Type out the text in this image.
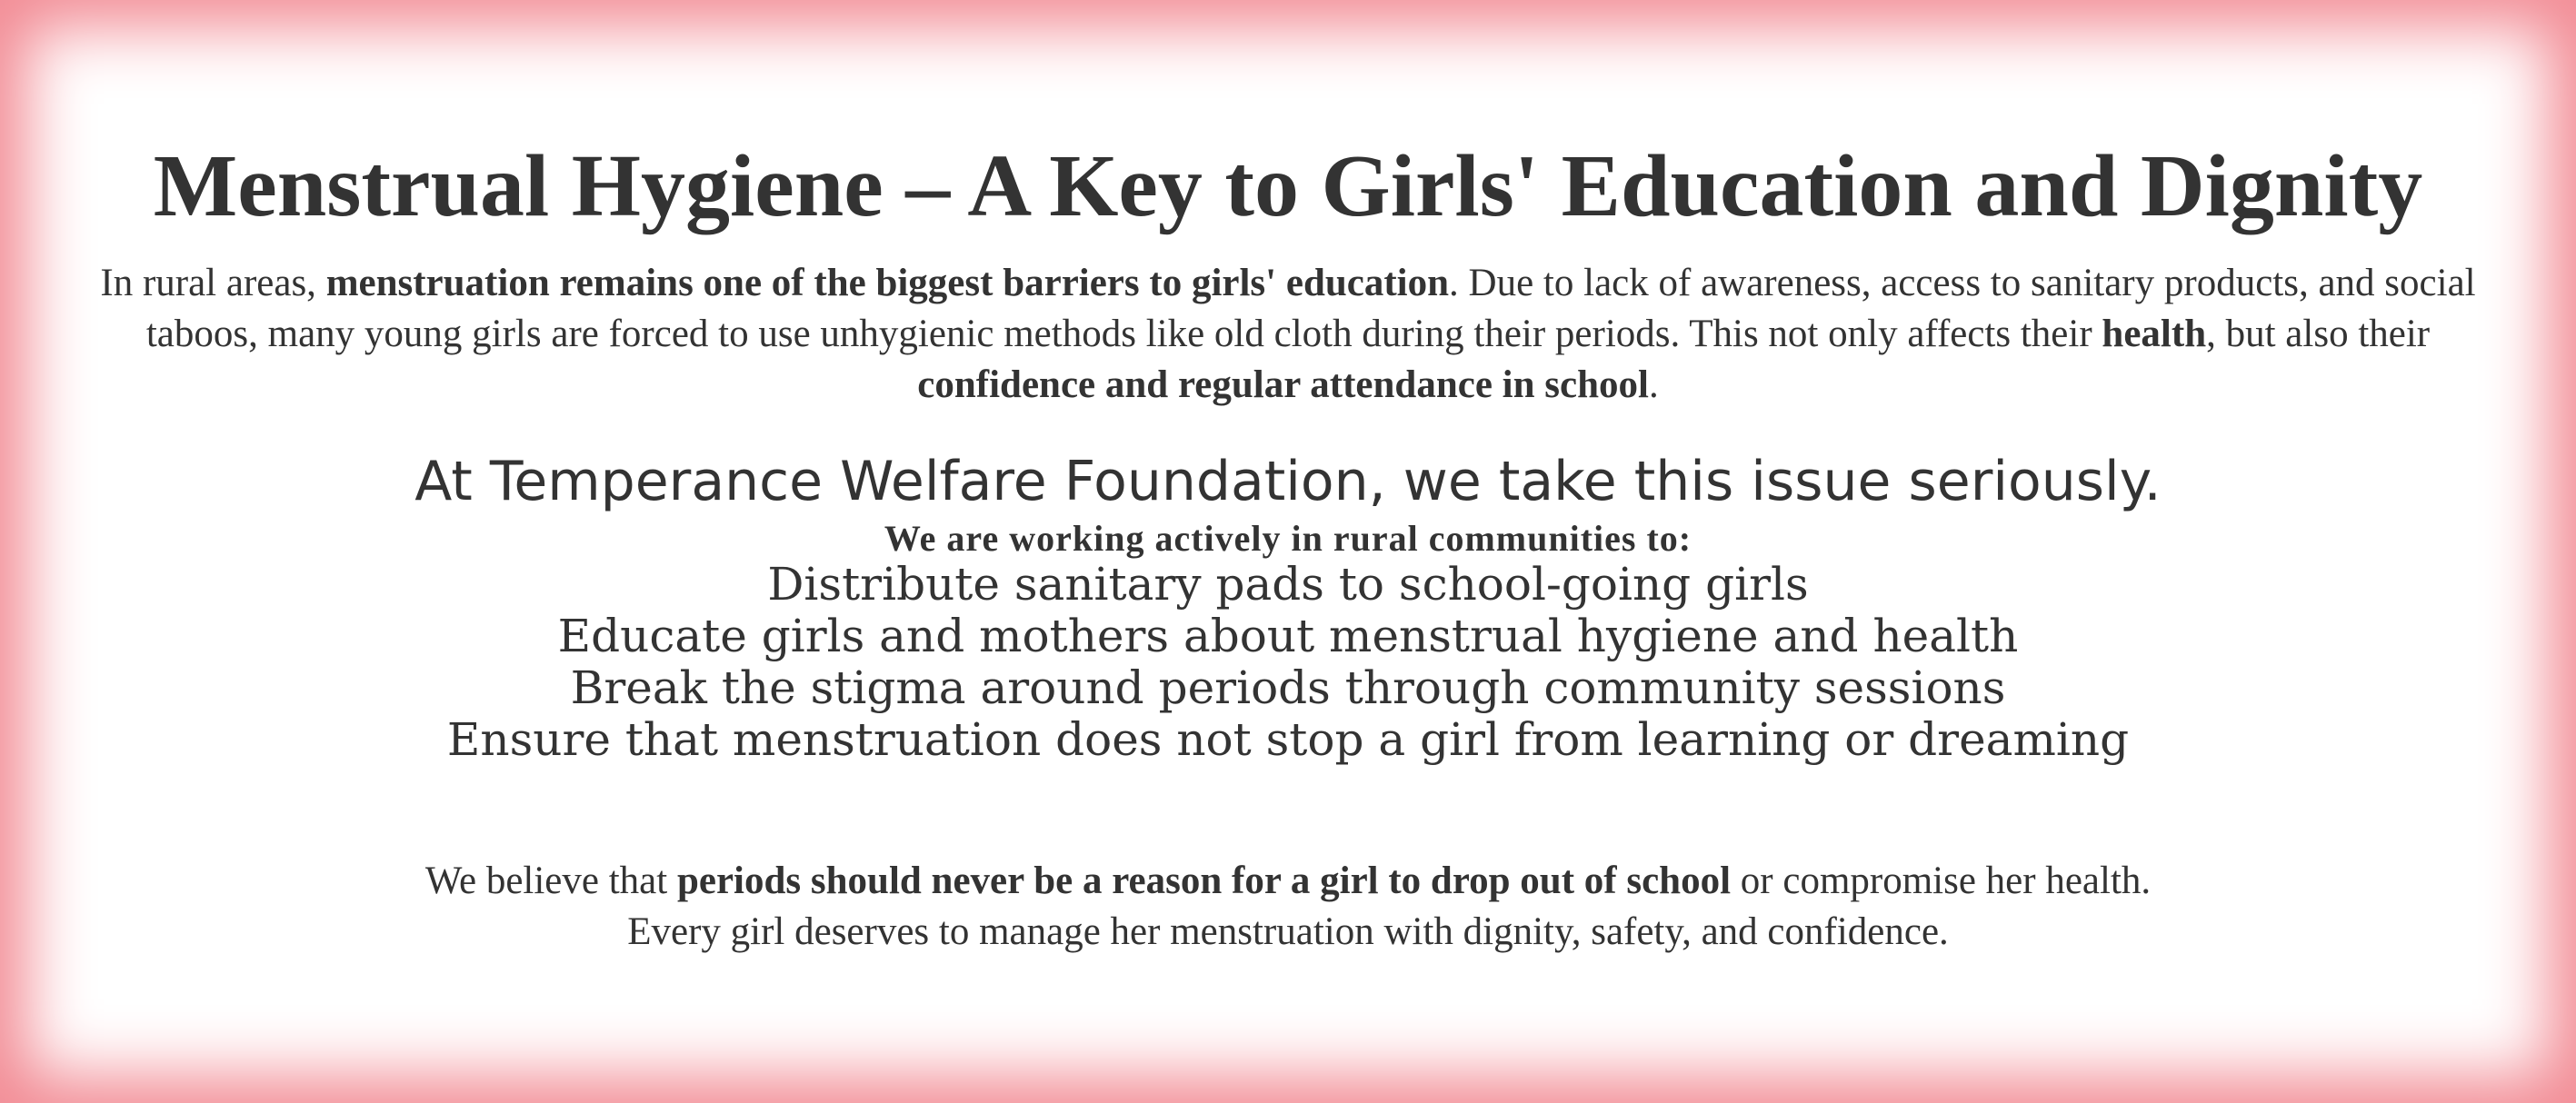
Menstrual Hygiene – A Key to Girls' Education and Dignity

In rural areas, menstruation remains one of the biggest barriers to girls' education. Due to lack of awareness, access to sanitary products, and social taboos, many young girls are forced to use unhygienic methods like old cloth during their periods. This not only affects their health, but also their confidence and regular attendance in school.

At Temperance Welfare Foundation, we take this issue seriously.

We are working actively in rural communities to:

Distribute sanitary pads to school-going girls
Educate girls and mothers about menstrual hygiene and health
Break the stigma around periods through community sessions
Ensure that menstruation does not stop a girl from learning or dreaming

We believe that periods should never be a reason for a girl to drop out of school or compromise her health.
Every girl deserves to manage her menstruation with dignity, safety, and confidence.
